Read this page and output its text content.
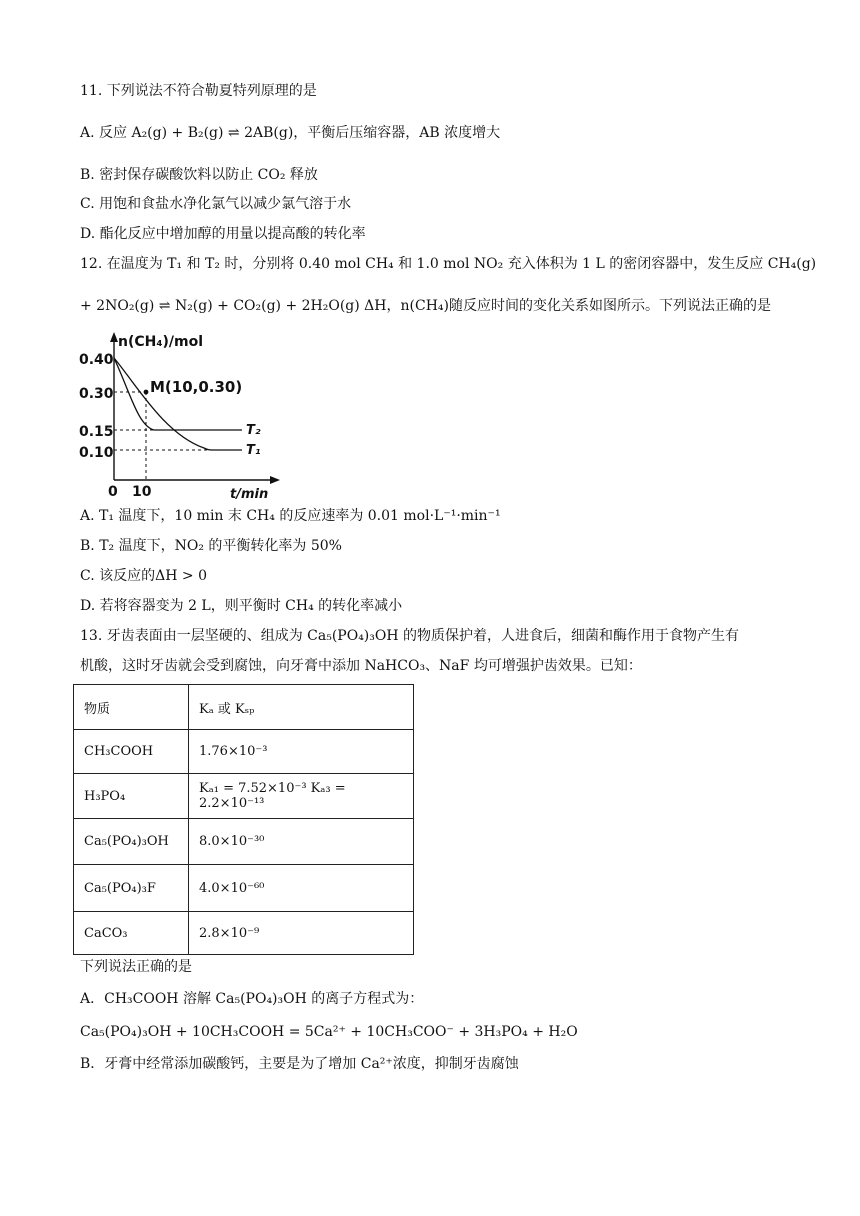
11. 下列说法不符合勒夏特列原理的是
A. 反应 A₂(g) + B₂(g) ⇌ 2AB(g)，平衡后压缩容器，AB 浓度增大
B. 密封保存碳酸饮料以防止 CO₂ 释放
C. 用饱和食盐水净化氯气以减少氯气溶于水
D. 酯化反应中增加醇的用量以提高酸的转化率
12. 在温度为 T₁ 和 T₂ 时，分别将 0.40 mol CH₄ 和 1.0 mol NO₂ 充入体积为 1 L 的密闭容器中，发生反应 CH₄(g)
+ 2NO₂(g) ⇌ N₂(g) + CO₂(g) + 2H₂O(g) ΔH，n(CH₄)随反应时间的变化关系如图所示。下列说法正确的是
n(CH₄)/mol
t/min
0.40
0.30
0.15
0.10
0 10
M(10,0.30)
T₂
T₁
A. T₁ 温度下，10 min 末 CH₄ 的反应速率为 0.01 mol·L⁻¹·min⁻¹
B. T₂ 温度下，NO₂ 的平衡转化率为 50%
C. 该反应的ΔH > 0
D. 若将容器变为 2 L，则平衡时 CH₄ 的转化率减小
13. 牙齿表面由一层坚硬的、组成为 Ca₅(PO₄)₃OH 的物质保护着，人进食后，细菌和酶作用于食物产生有
机酸，这时牙齿就会受到腐蚀，向牙膏中添加 NaHCO₃、NaF 均可增强护齿效果。已知：
物质	Kₐ 或 Kₛₚ
CH₃COOH	1.76×10⁻³
H₃PO₄	Kₐ₁ = 7.52×10⁻³ Kₐ₃ = 2.2×10⁻¹³
Ca₅(PO₄)₃OH	8.0×10⁻³⁰
Ca₅(PO₄)₃F	4.0×10⁻⁶⁰
CaCO₃	2.8×10⁻⁹
下列说法正确的是
A．CH₃COOH 溶解 Ca₅(PO₄)₃OH 的离子方程式为：
Ca₅(PO₄)₃OH + 10CH₃COOH = 5Ca²⁺ + 10CH₃COO⁻ + 3H₃PO₄ + H₂O
B．牙膏中经常添加碳酸钙，主要是为了增加 Ca²⁺浓度，抑制牙齿腐蚀
